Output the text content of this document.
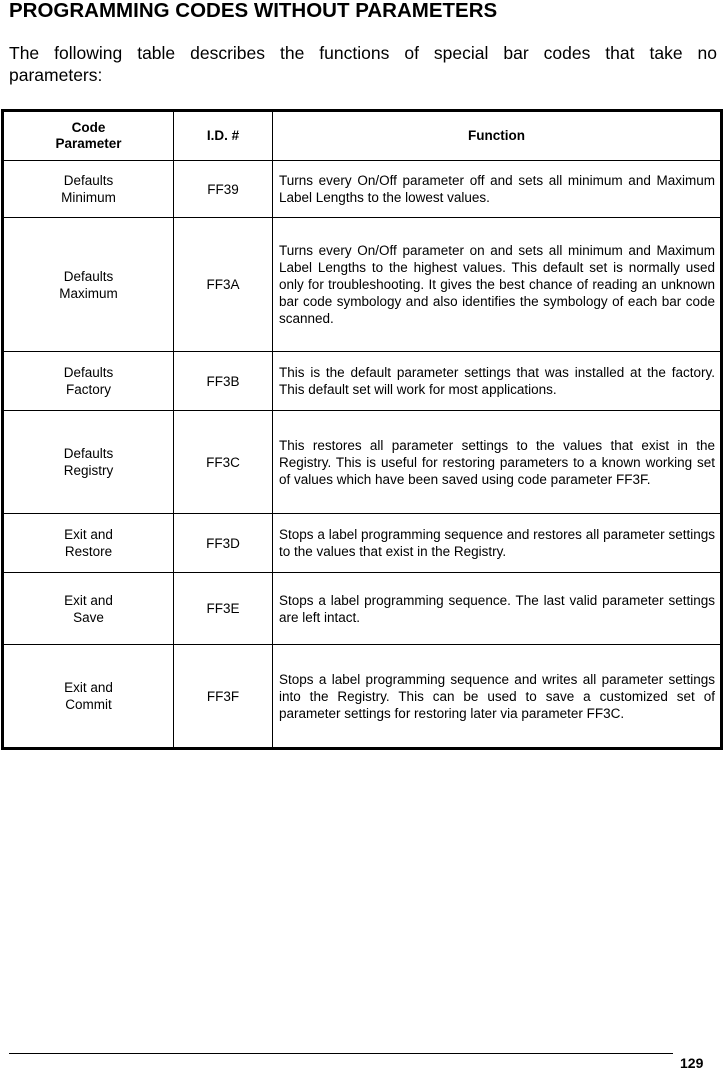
PROGRAMMING CODES WITHOUT PARAMETERS
The following table describes the functions of special bar codes that take no parameters:
Code
Parameter	I.D. #	Function

Defaults
Minimum	FF39	Turns every On/Off parameter off and sets all minimum and Maximum Label Lengths to the lowest values.

Defaults
Maximum	FF3A	Turns every On/Off parameter on and sets all minimum and Maximum Label Lengths to the highest values. This default set is normally used only for troubleshooting. It gives the best chance of reading an unknown bar code symbology and also identifies the symbology of each bar code scanned.

Defaults
Factory	FF3B	This is the default parameter settings that was installed at the factory. This default set will work for most applications.

Defaults
Registry	FF3C	This restores all parameter settings to the values that exist in the Registry. This is useful for restoring parameters to a known working set of values which have been saved using code parameter FF3F.

Exit and
Restore	FF3D	Stops a label programming sequence and restores all parameter settings to the values that exist in the Registry.

Exit and
Save	FF3E	Stops a label programming sequence. The last valid parameter settings are left intact.

Exit and
Commit	FF3F	Stops a label programming sequence and writes all parameter settings into the Registry. This can be used to save a customized set of parameter settings for restoring later via parameter FF3C.
129
